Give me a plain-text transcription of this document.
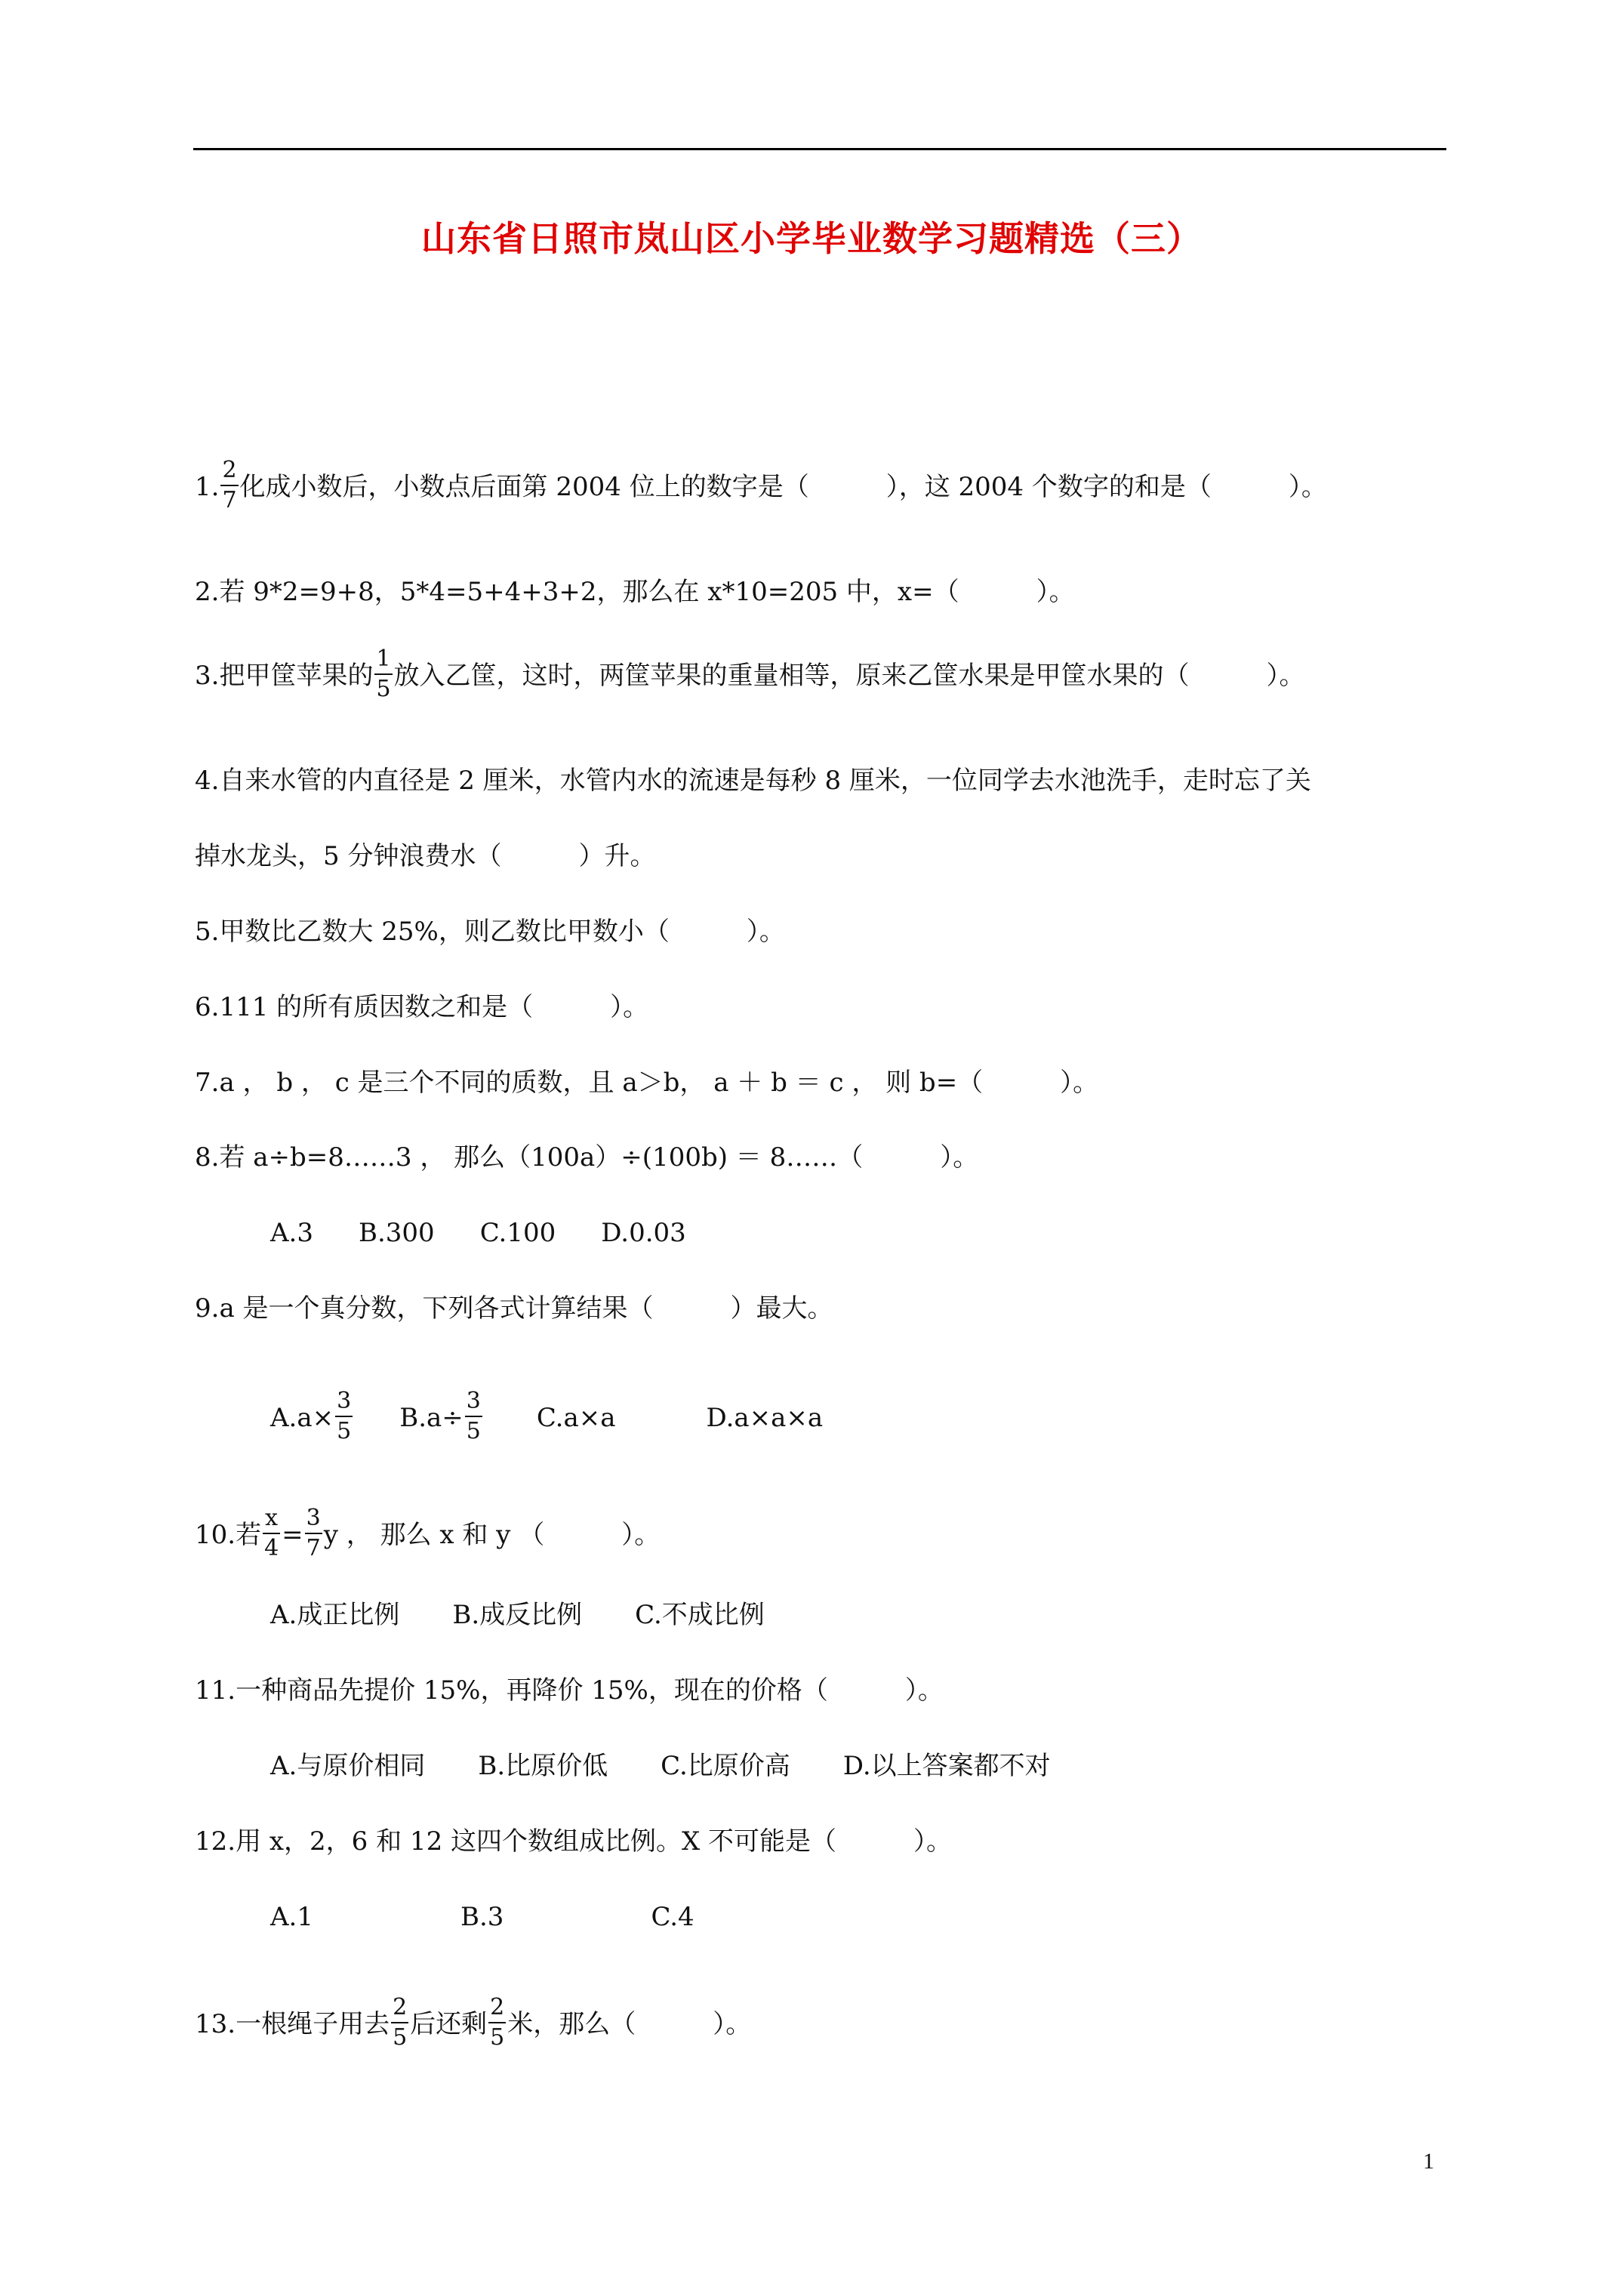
山东省日照市岚山区小学毕业数学习题精选（三）
1. $\frac{2}{7}$ 化成小数后，小数点后面第 2004 位上的数字是（　　　），这 2004 个数字的和是（　　　）。
2.若 9*2=9+8，5*4=5+4+3+2，那么在 x*10=205 中，x=（　　　）。
3.把甲筐苹果的 $\frac{1}{5}$ 放入乙筐，这时，两筐苹果的重量相等，原来乙筐水果是甲筐水果的（　　　）。
4.自来水管的内直径是 2 厘米，水管内水的流速是每秒 8 厘米，一位同学去水池洗手，走时忘了关
掉水龙头，5 分钟浪费水（　　　）升。
5.甲数比乙数大 25%，则乙数比甲数小（　　　）。
6.111 的所有质因数之和是（　　　）。
7.a ， b ， c 是三个不同的质数，且 a＞b， a ＋ b ＝ c ， 则 b=（　　　）。
8.若 a÷b=8……3 ， 那么（100a）÷(100b) ＝ 8……（　　　）。
A.3 B.300 C.100 D.0.03
9.a 是一个真分数，下列各式计算结果（　　　）最大。
$A.a\times \frac{3}{5} B.a\div \frac{3}{5} C.a\times a$	D.a×a×a
10.若 $\frac{x}{4} = \frac{3}{7}$ y ， 那么 x 和 y （　　　）。
A.成正比例 B.成反比例 C.不成比例
11.一种商品先提价 15%，再降价 15%，现在的价格（　　　）。
A.与原价相同 B.比原价低 C.比原价高 D.以上答案都不对
12.用 x，2，6 和 12 这四个数组成比例。X 不可能是（　　　）。
A.1	B.3	C.4
13.一根绳子用去 $\frac{2}{5}$ 后还剩 $\frac{2}{5}$ 米，那么（　　　）。
1
